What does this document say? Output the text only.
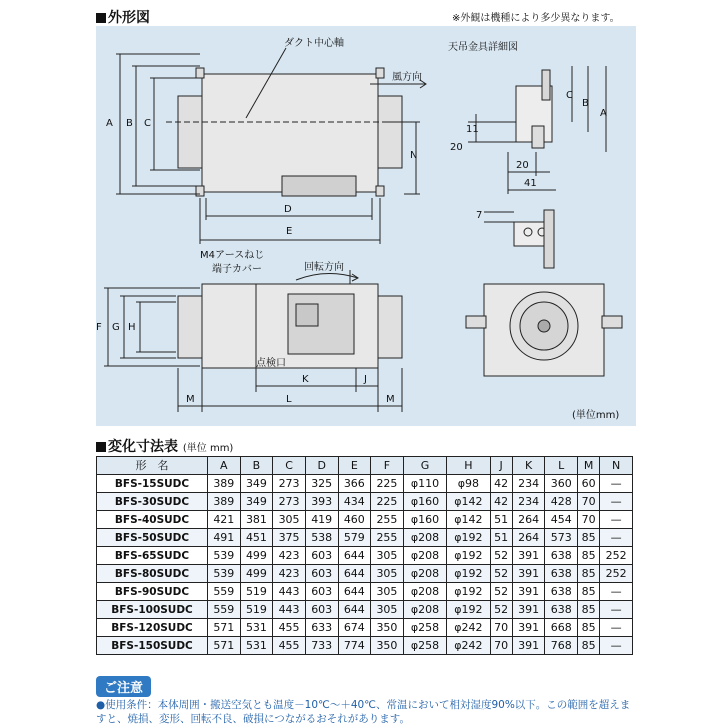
外形図	※外観は機種により多少異なります。
ダクト中心軸
風方向
天吊金具詳細図
A B C
D
E
N
M4アースねじ
端子カバー	回転方向
点検口
F G H
K	J
M	L	M
C
B
A
11
20
20
41
7
(単位mm)
変化寸法表 (単位 mm)
形　名	A	B	C	D	E	F	G	H	J	K	L	M	N
BFS-15SUDC	389	349	273	325	366	225	φ110	φ98	42	234	360	60	—
BFS-30SUDC	389	349	273	393	434	225	φ160	φ142	42	234	428	70	—
BFS-40SUDC	421	381	305	419	460	255	φ160	φ142	51	264	454	70	—
BFS-50SUDC	491	451	375	538	579	255	φ208	φ192	51	264	573	85	—
BFS-65SUDC	539	499	423	603	644	305	φ208	φ192	52	391	638	85	252
BFS-80SUDC	539	499	423	603	644	305	φ208	φ192	52	391	638	85	252
BFS-90SUDC	559	519	443	603	644	305	φ208	φ192	52	391	638	85	—
BFS-100SUDC	559	519	443	603	644	305	φ208	φ192	52	391	638	85	—
BFS-120SUDC	571	531	455	633	674	350	φ258	φ242	70	391	668	85	—
BFS-150SUDC	571	531	455	733	774	350	φ258	φ242	70	391	768	85	—
ご注意
●使用条件：本体周囲・搬送空気とも温度－10℃～＋40℃、常温において相対湿度90%以下。この範囲を超えますと、焼損、変形、回転不良、破損につながるおそれがあります。
